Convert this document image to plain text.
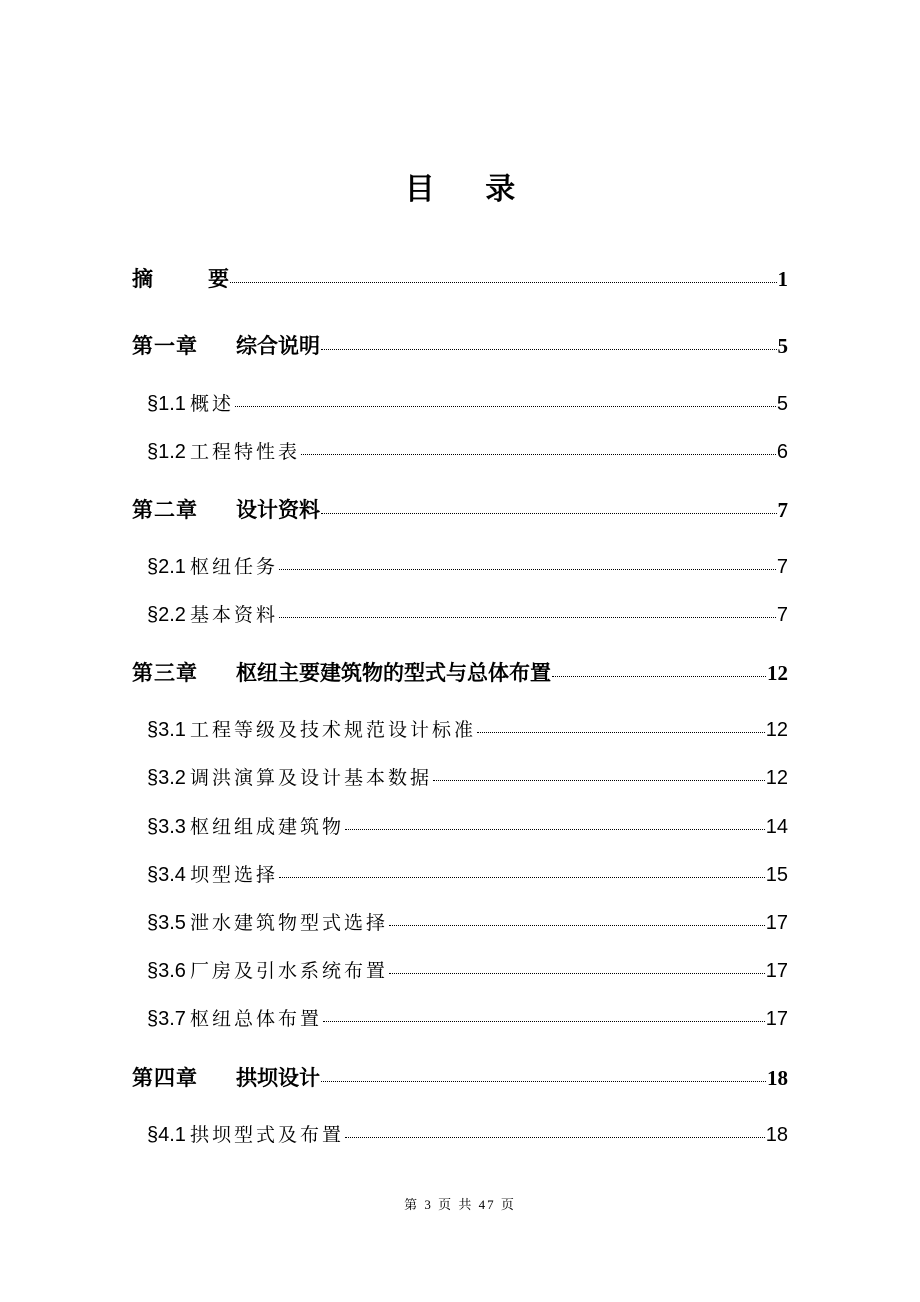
目 录
摘	要	1
第一章 综合说明	5
§1.1 概述	5
§1.2 工程特性表	6
第二章 设计资料	7
§2.1 枢纽任务	7
§2.2 基本资料	7
第三章 枢纽主要建筑物的型式与总体布置	12
§3.1 工程等级及技术规范设计标准	12
§3.2 调洪演算及设计基本数据	12
§3.3 枢纽组成建筑物	14
§3.4 坝型选择	15
§3.5 泄水建筑物型式选择	17
§3.6 厂房及引水系统布置	17
§3.7 枢纽总体布置	17
第四章 拱坝设计	18
§4.1 拱坝型式及布置	18
第 3 页 共 47 页
